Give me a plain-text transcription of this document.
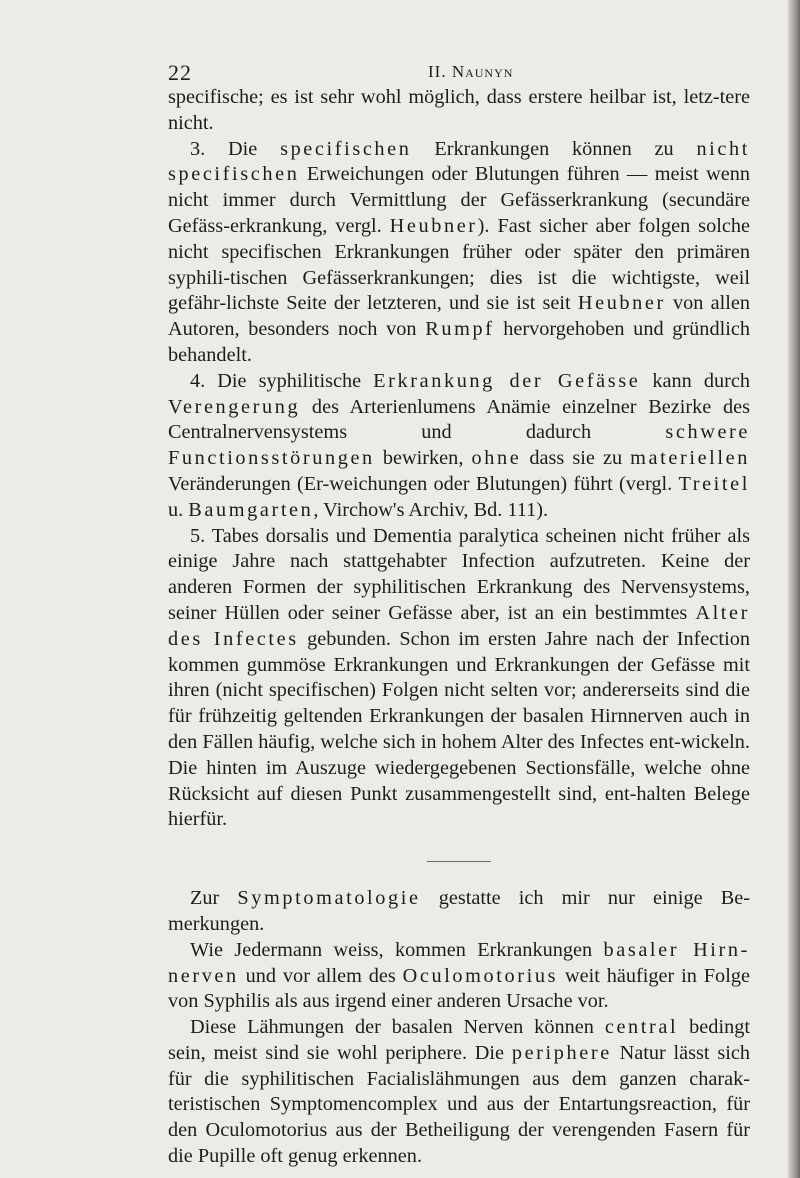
22	II. Naunyn

specifische; es ist sehr wohl möglich, dass erstere heilbar ist, letz-tere nicht.

3. Die specifischen Erkrankungen können zu nicht specifischen Erweichungen oder Blutungen führen — meist wenn nicht immer durch Vermittlung der Gefässerkrankung (secundäre Gefäss-erkrankung, vergl. Heubner). Fast sicher aber folgen solche nicht specifischen Erkrankungen früher oder später den primären syphili-tischen Gefässerkrankungen; dies ist die wichtigste, weil gefähr-lichste Seite der letzteren, und sie ist seit Heubner von allen Autoren, besonders noch von Rumpf hervorgehoben und gründlich behandelt.

4. Die syphilitische Erkrankung der Gefässe kann durch Verengerung des Arterienlumens Anämie einzelner Bezirke des Centralnervensystems und dadurch schwere Functionsstörungen bewirken, ohne dass sie zu materiellen Veränderungen (Er-weichungen oder Blutungen) führt (vergl. Treitel u. Baumgarten, Virchow's Archiv, Bd. 111).

5. Tabes dorsalis und Dementia paralytica scheinen nicht früher als einige Jahre nach stattgehabter Infection aufzutreten. Keine der anderen Formen der syphilitischen Erkrankung des Nervensystems, seiner Hüllen oder seiner Gefässe aber, ist an ein bestimmtes Alter des Infectes gebunden. Schon im ersten Jahre nach der Infection kommen gummöse Erkrankungen und Erkrankungen der Gefässe mit ihren (nicht specifischen) Folgen nicht selten vor; andererseits sind die für frühzeitig geltenden Erkrankungen der basalen Hirnnerven auch in den Fällen häufig, welche sich in hohem Alter des Infectes ent-wickeln. Die hinten im Auszuge wiedergegebenen Sectionsfälle, welche ohne Rücksicht auf diesen Punkt zusammengestellt sind, ent-halten Belege hierfür.

Zur Symptomatologie gestatte ich mir nur einige Be-merkungen.

Wie Jedermann weiss, kommen Erkrankungen basaler Hirn-nerven und vor allem des Oculomotorius weit häufiger in Folge von Syphilis als aus irgend einer anderen Ursache vor.

Diese Lähmungen der basalen Nerven können central bedingt sein, meist sind sie wohl periphere. Die periphere Natur lässt sich für die syphilitischen Facialislähmungen aus dem ganzen charak-teristischen Symptomencomplex und aus der Entartungsreaction, für den Oculomotorius aus der Betheiligung der verengenden Fasern für die Pupille oft genug erkennen.
